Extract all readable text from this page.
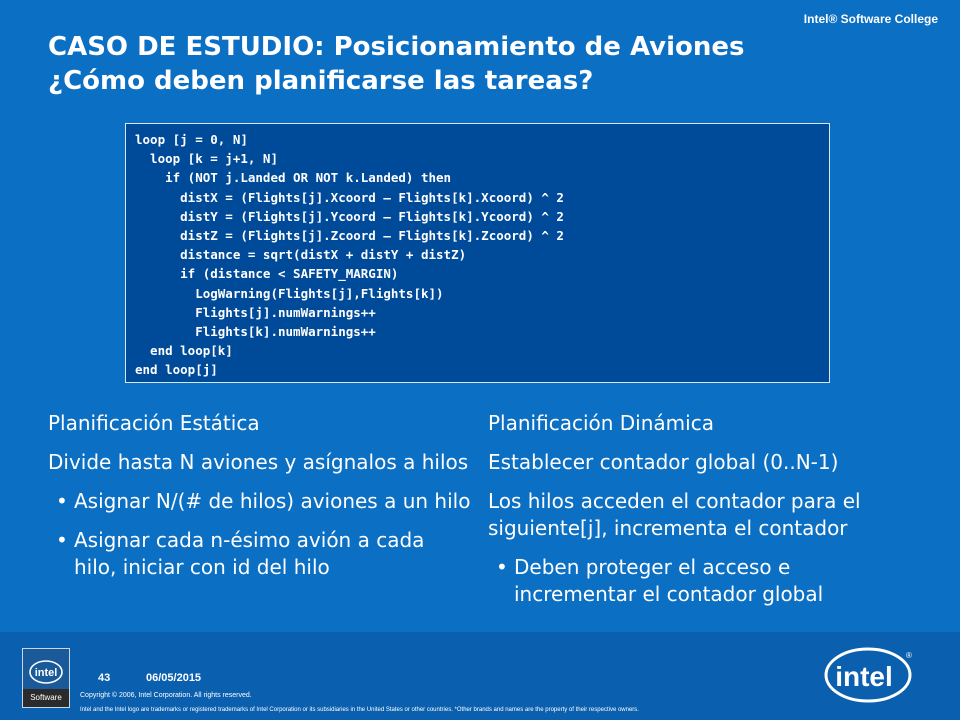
Intel® Software College
CASO DE ESTUDIO: Posicionamiento de Aviones
¿Cómo deben planificarse las tareas?
loop [j = 0, N]
loop [k = j+1, N]
if (NOT j.Landed OR NOT k.Landed) then
distX = (Flights[j].Xcoord – Flights[k].Xcoord) ^ 2
distY = (Flights[j].Ycoord – Flights[k].Ycoord) ^ 2
distZ = (Flights[j].Zcoord – Flights[k].Zcoord) ^ 2
distance = sqrt(distX + distY + distZ)
if (distance < SAFETY_MARGIN)
LogWarning(Flights[j],Flights[k])
Flights[j].numWarnings++
Flights[k].numWarnings++
end loop[k]
end loop[j]
Planificación Estática
Divide hasta N aviones y asígnalos a hilos
• Asignar N/(# de hilos) aviones a un hilo
• Asignar cada n-ésimo avión a cada hilo, iniciar con id del hilo
Planificación Dinámica
Establecer contador global (0..N-1)
Los hilos acceden el contador para el siguiente[j], incrementa el contador
• Deben proteger el acceso e incrementar el contador global
intel
Software
43	06/05/2015
Copyright © 2006, Intel Corporation. All rights reserved.
Intel and the Intel logo are trademarks or registered trademarks of Intel Corporation or its subsidiaries in the United States or other countries. *Other brands and names are the property of their respective owners.
intel
®
